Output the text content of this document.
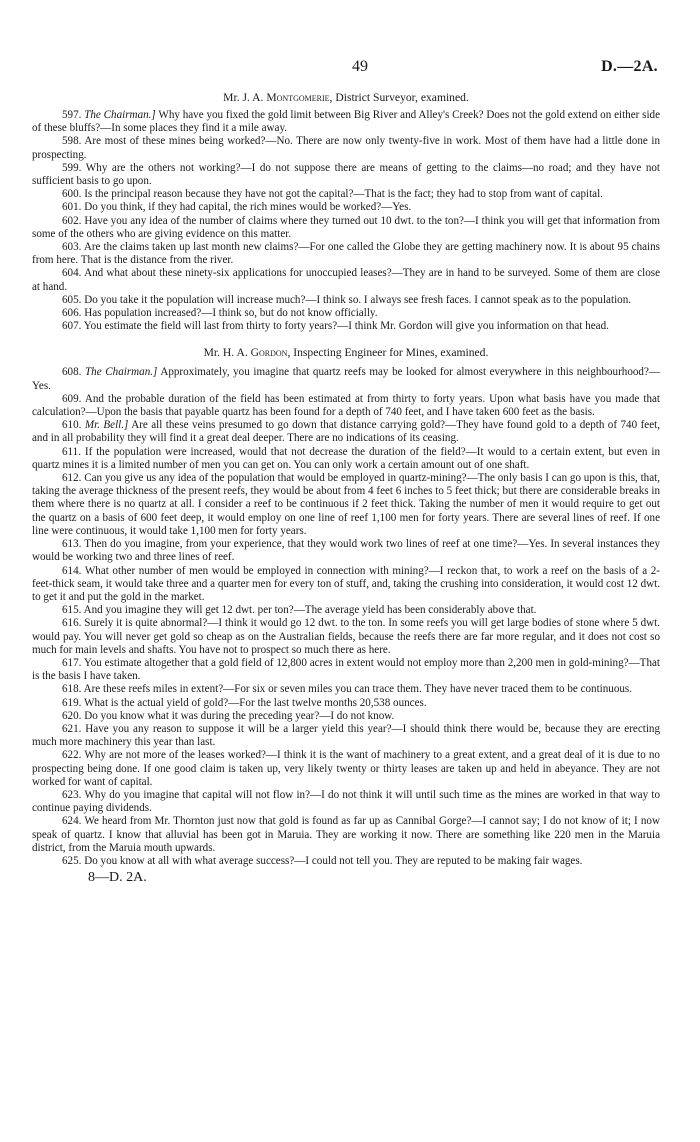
49	D.—2A.
Mr. J. A. Montgomerie, District Surveyor, examined.

597. The Chairman.] Why have you fixed the gold limit between Big River and Alley's Creek? Does not the gold extend on either side of these bluffs?—In some places they find it a mile away.

598. Are most of these mines being worked?—No. There are now only twenty-five in work. Most of them have had a little done in prospecting.

599. Why are the others not working?—I do not suppose there are means of getting to the claims—no road; and they have not sufficient basis to go upon.

600. Is the principal reason because they have not got the capital?—That is the fact; they had to stop from want of capital.

601. Do you think, if they had capital, the rich mines would be worked?—Yes.

602. Have you any idea of the number of claims where they turned out 10 dwt. to the ton?—I think you will get that information from some of the others who are giving evidence on this matter.

603. Are the claims taken up last month new claims?—For one called the Globe they are getting machinery now. It is about 95 chains from here. That is the distance from the river.

604. And what about these ninety-six applications for unoccupied leases?—They are in hand to be surveyed. Some of them are close at hand.

605. Do you take it the population will increase much?—I think so. I always see fresh faces. I cannot speak as to the population.

606. Has population increased?—I think so, but do not know officially.

607. You estimate the field will last from thirty to forty years?—I think Mr. Gordon will give you information on that head.

Mr. H. A. Gordon, Inspecting Engineer for Mines, examined.

608. The Chairman.] Approximately, you imagine that quartz reefs may be looked for almost everywhere in this neighbourhood?—Yes.

609. And the probable duration of the field has been estimated at from thirty to forty years. Upon what basis have you made that calculation?—Upon the basis that payable quartz has been found for a depth of 740 feet, and I have taken 600 feet as the basis.

610. Mr. Bell.] Are all these veins presumed to go down that distance carrying gold?—They have found gold to a depth of 740 feet, and in all probability they will find it a great deal deeper. There are no indications of its ceasing.

611. If the population were increased, would that not decrease the duration of the field?—It would to a certain extent, but even in quartz mines it is a limited number of men you can get on. You can only work a certain amount out of one shaft.

612. Can you give us any idea of the population that would be employed in quartz-mining?—The only basis I can go upon is this, that, taking the average thickness of the present reefs, they would be about from 4 feet 6 inches to 5 feet thick; but there are considerable breaks in them where there is no quartz at all. I consider a reef to be continuous if 2 feet thick. Taking the number of men it would require to get out the quartz on a basis of 600 feet deep, it would employ on one line of reef 1,100 men for forty years. There are several lines of reef. If one line were continuous, it would take 1,100 men for forty years.

613. Then do you imagine, from your experience, that they would work two lines of reef at one time?—Yes. In several instances they would be working two and three lines of reef.

614. What other number of men would be employed in connection with mining?—I reckon that, to work a reef on the basis of a 2-feet-thick seam, it would take three and a quarter men for every ton of stuff, and, taking the crushing into consideration, it would cost 12 dwt. to get it and put the gold in the market.

615. And you imagine they will get 12 dwt. per ton?—The average yield has been considerably above that.

616. Surely it is quite abnormal?—I think it would go 12 dwt. to the ton. In some reefs you will get large bodies of stone where 5 dwt. would pay. You will never get gold so cheap as on the Australian fields, because the reefs there are far more regular, and it does not cost so much for main levels and shafts. You have not to prospect so much there as here.

617. You estimate altogether that a gold field of 12,800 acres in extent would not employ more than 2,200 men in gold-mining?—That is the basis I have taken.

618. Are these reefs miles in extent?—For six or seven miles you can trace them. They have never traced them to be continuous.

619. What is the actual yield of gold?—For the last twelve months 20,538 ounces.

620. Do you know what it was during the preceding year?—I do not know.

621. Have you any reason to suppose it will be a larger yield this year?—I should think there would be, because they are erecting much more machinery this year than last.

622. Why are not more of the leases worked?—I think it is the want of machinery to a great extent, and a great deal of it is due to no prospecting being done. If one good claim is taken up, very likely twenty or thirty leases are taken up and held in abeyance. They are not worked for want of capital.

623. Why do you imagine that capital will not flow in?—I do not think it will until such time as the mines are worked in that way to continue paying dividends.

624. We heard from Mr. Thornton just now that gold is found as far up as Cannibal Gorge?—I cannot say; I do not know of it; I now speak of quartz. I know that alluvial has been got in Maruia. They are working it now. There are something like 220 men in the Maruia district, from the Maruia mouth upwards.

625. Do you know at all with what average success?—I could not tell you. They are reputed to be making fair wages.

8—D. 2A.
